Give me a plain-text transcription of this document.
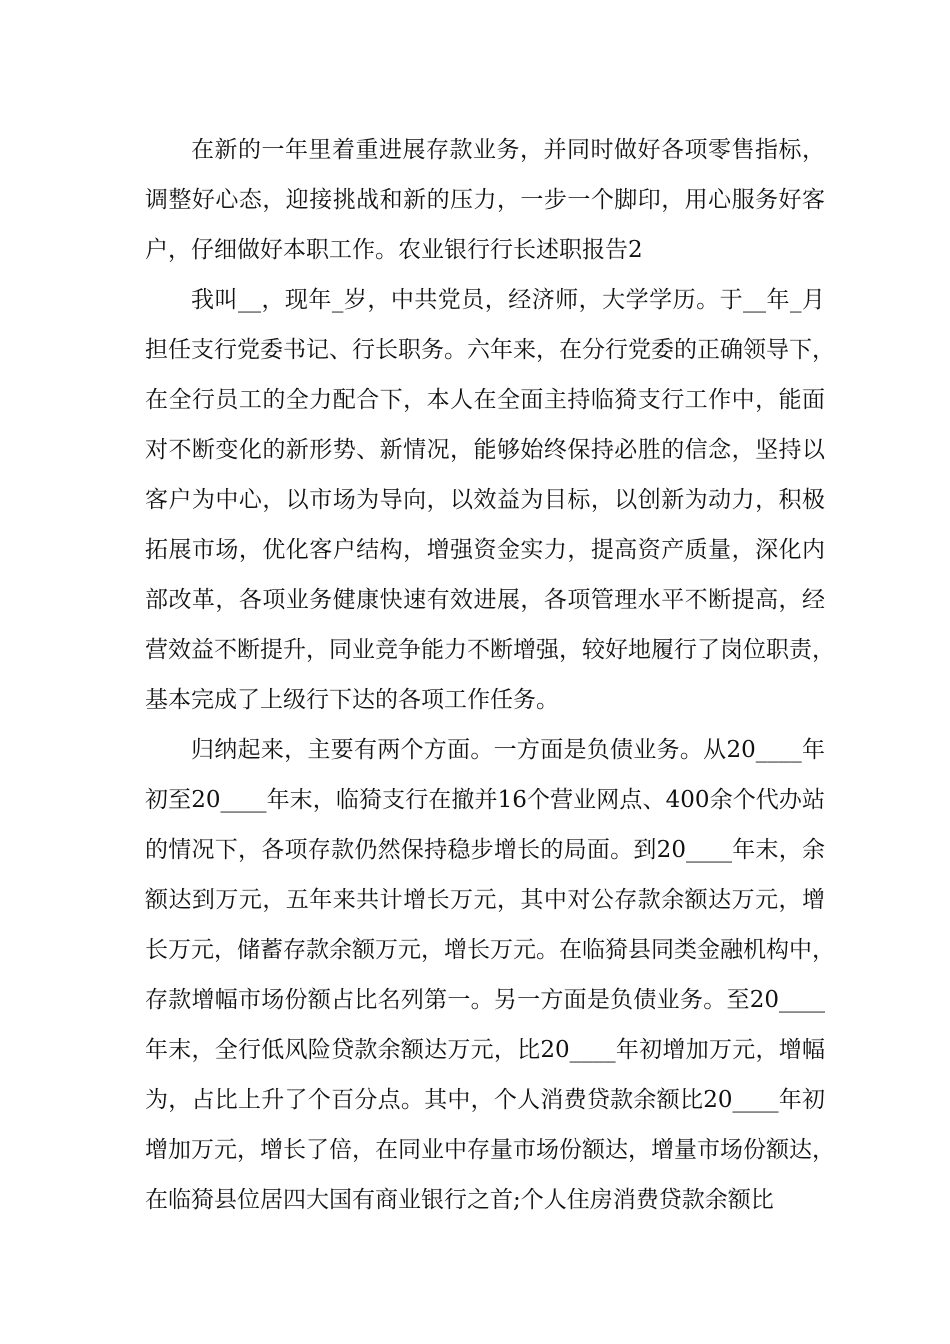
在新的一年里着重进展存款业务，并同时做好各项零售指标，
调整好心态，迎接挑战和新的压力，一步一个脚印，用心服务好客
户，仔细做好本职工作。农业银行行长述职报告2
我叫__，现年_岁，中共党员，经济师，大学学历。于__年_月
担任支行党委书记、行长职务。六年来，在分行党委的正确领导下，
在全行员工的全力配合下，本人在全面主持临猗支行工作中，能面
对不断变化的新形势、新情况，能够始终保持必胜的信念，坚持以
客户为中心，以市场为导向，以效益为目标，以创新为动力，积极
拓展市场，优化客户结构，增强资金实力，提高资产质量，深化内
部改革，各项业务健康快速有效进展，各项管理水平不断提高，经
营效益不断提升，同业竞争能力不断增强，较好地履行了岗位职责，
基本完成了上级行下达的各项工作任务。
归纳起来，主要有两个方面。一方面是负债业务。从20____年
初至20____年末，临猗支行在撤并16个营业网点、400余个代办站
的情况下，各项存款仍然保持稳步增长的局面。到20____年末，余
额达到万元，五年来共计增长万元，其中对公存款余额达万元，增
长万元，储蓄存款余额万元，增长万元。在临猗县同类金融机构中，
存款增幅市场份额占比名列第一。另一方面是负债业务。至20____
年末，全行低风险贷款余额达万元，比20____年初增加万元，增幅
为，占比上升了个百分点。其中，个人消费贷款余额比20____年初
增加万元，增长了倍，在同业中存量市场份额达，增量市场份额达，
在临猗县位居四大国有商业银行之首;个人住房消费贷款余额比
